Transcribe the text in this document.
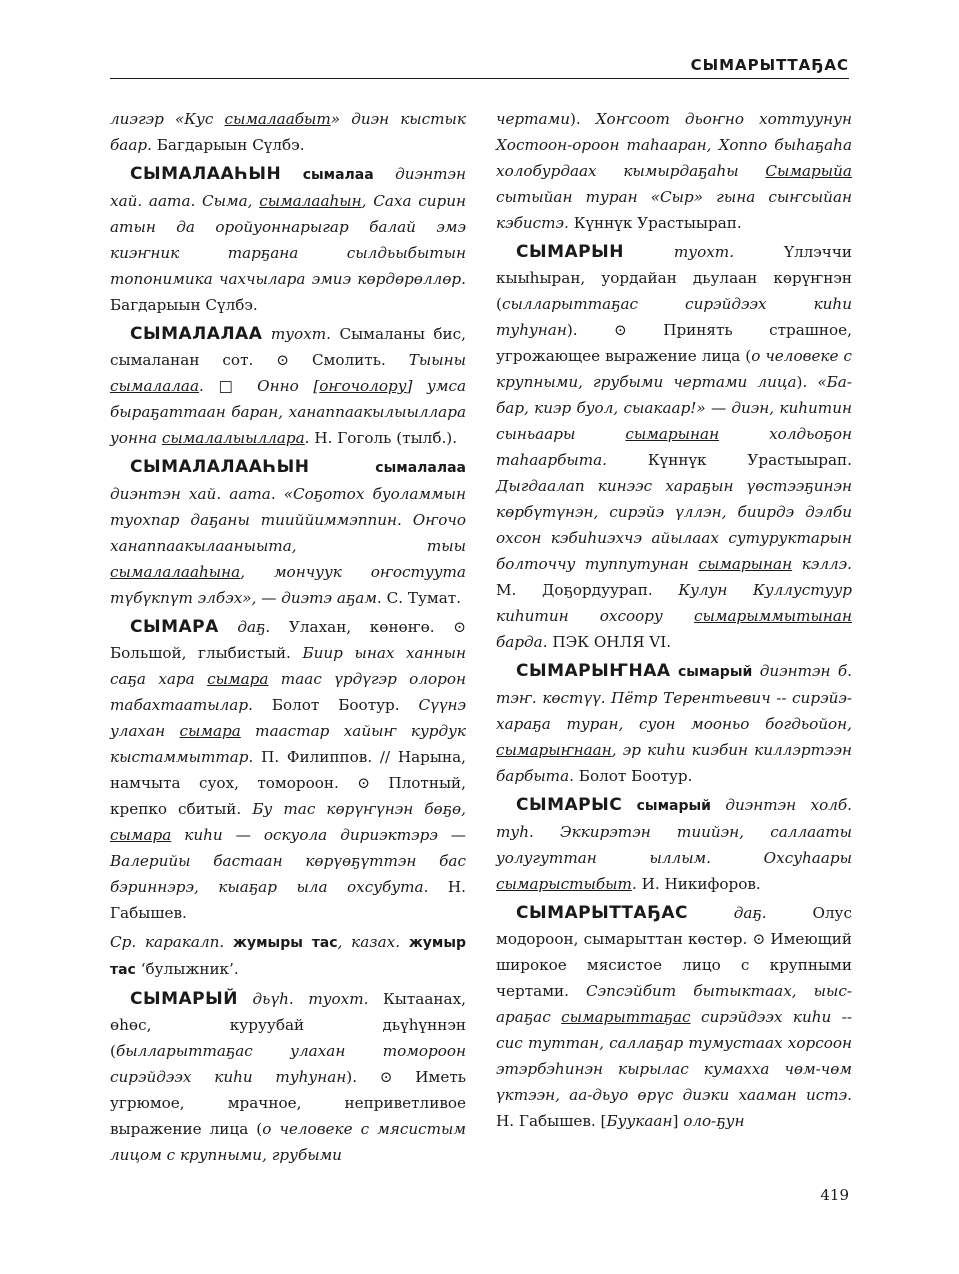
СЫМАРЫТТАҔАС

лиэгэр «Кус сымалаабыт» диэн кыстык баар. Багдарыын Сүлбэ.

СЫМАЛААҺЫН сымалаа диэнтэн хай. аата. Сыма, сымалааһын, Саха сирин атын да оройуоннарыгар балай эмэ киэҥник тарҕана сылдьыбытын топонимика чахчылара эмиэ көрдөрөллөр. Багдарыын Сүлбэ.

СЫМАЛАЛАА туохт. Сымаланы бис, сымаланан сот. ⊙ Смолить. Тыыны сымалалаа. □ Онно [оҥочолору] умса быраҕаттаан баран, ханаппаакылыыллара уонна сымалалыыллара. Н. Гоголь (тылб.).

СЫМАЛАЛААҺЫН сымалалаа диэнтэн хай. аата. «Соҕотох буоламмын туохпар даҕаны тииййиммэппин. Оҥочо ханаппаакылааныыта, тыы сымалалааһына, мончуук оҥостуута түбүкпүт элбэх», — диэтэ аҕам. С. Тумат.

СЫМАРА даҕ. Улахан, көнөҥө. ⊙ Большой, глыбистый. Биир ынах ханнын саҕа хара сымара таас үрдүгэр олорон табахтаатылар. Болот Боотур. Сүүнэ улахан сымара таастар хайыҥ курдук кыстаммыттар. П. Филиппов. // Нарына, намчыта суох, томороон. ⊙ Плотный, крепко сбитый. Бу тас көрүҥүнэн бөҕө, сымара киһи — оскуола дириэктэрэ — Валерийы бастаан көрүөҕүттэн бас бэриннэрэ, кыаҕар ыла охсубута. Н. Габышев.

Ср. каракалп. жумыры тас, казах. жумыр тас ‘булыжник’.

СЫМАРЫЙ дьүһ. туохт. Кытаанах, өһөс, куруубай дьүһүннэн (былларыттаҕас улахан томороон сирэйдээх киһи туһунан). ⊙ Иметь угрюмое, мрачное, неприветливое выражение лица (о человеке с мясистым лицом с крупными, грубыми

чертами). Хоҥсоот дьоҥно хоттуунун Хостоон-ороон таһааран, Хоппо быһаҕаһа холобурдаах кымырдаҕаһы Сымарыйа сытыйан туран «Сыр» гына сыҥсыйан кэбистэ. Күннүк Урастыырап.

СЫМАРЫН туохт. Үллэччи кыыһыран, уордайан дьулаан көрүҥнэн (сылларыттаҕас сирэйдээх киһи туһунан). ⊙ Принять страшное, угрожающее выражение лица (о человеке с крупными, грубыми чертами лица). «Ба-бар, киэр буол, сыакаар!» — диэн, киһитин сыньаары сымарынан холдьоҕон таһаарбыта. Күннүк Урастыырап. Дыгдаалап кинээс хараҕын үөстээҕинэн көрбүтүнэн, сирэйэ үллэн, биирдэ дэлби охсон кэбиһиэхчэ айылаах сутуруктарын болточчу туппутунан сымарынан кэллэ. М. Доҕордуурап. Кулун Куллустуур киһитин охсоору сымарыммытынан барда. ПЭК ОНЛЯ VI.

СЫМАРЫҤНАА сымарый диэнтэн б. тэҥ. көстүү. Пётр Терентьевич -- сирэйэ-хараҕа туран, суон мооньо богдьойон, сымарыҥнаан, эр киһи киэбин киллэртээн барбыта. Болот Боотур.

СЫМАРЫС сымарый диэнтэн холб. туһ. Эккирэтэн тиийэн, саллааты уолугуттан ыллым. Охсуһаары сымарыстыбыт. И. Никифоров.

СЫМАРЫТТАҔАС даҕ. Олус модороон, сымарыттан көстөр. ⊙ Имеющий широкое мясистое лицо с крупными чертами. Сэпсэйбит бытыктаах, ыыс-араҕас сымарыттаҕас сирэйдээх киһи -- сис туттан, саллаҕар тумустаах хорсоон этэрбэһинэн кырылас кумахха чөм-чөм үктээн, аа-дьуо өрүс диэки хааман истэ. Н. Габышев. [Буукаан] оло-ҕун

419
